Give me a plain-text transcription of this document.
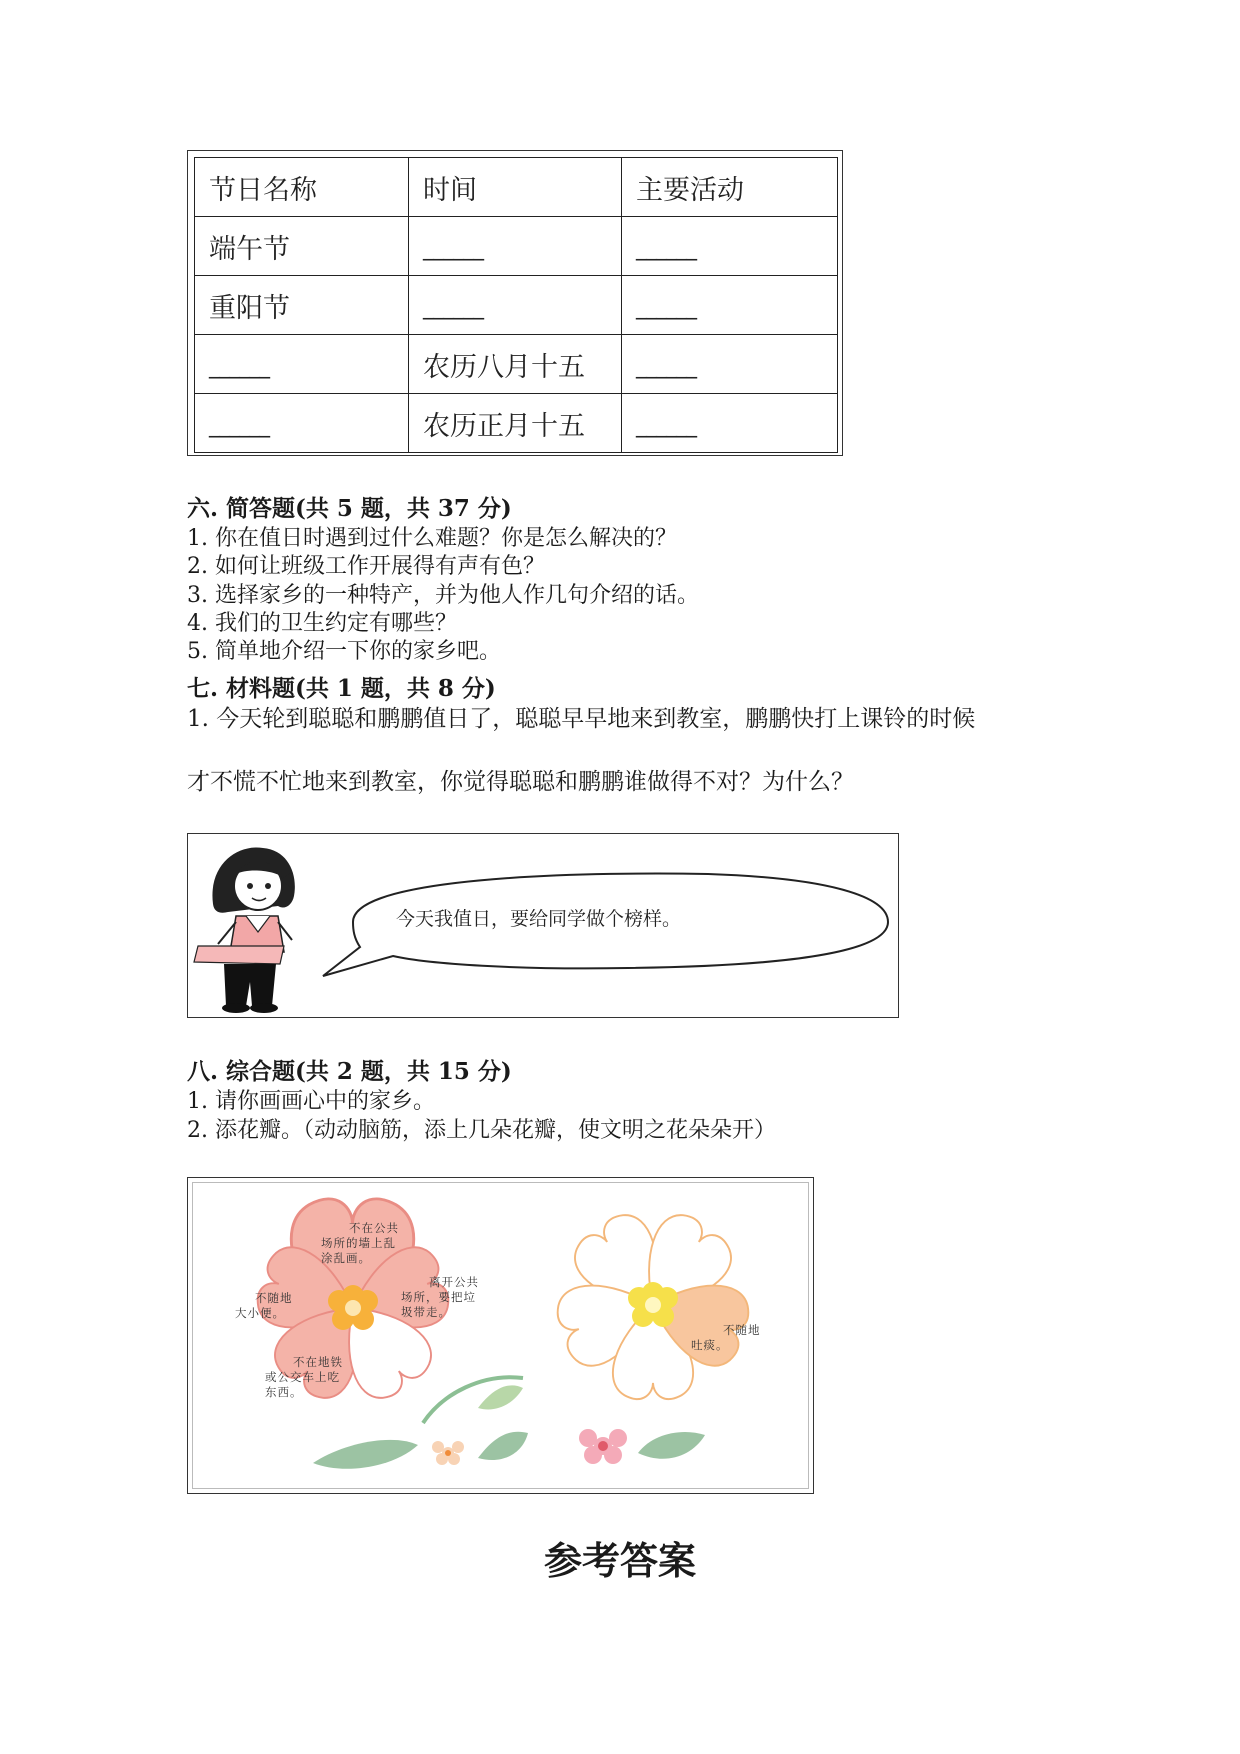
节日名称	时间	主要活动
端午节	______	______
重阳节	______	______
______	农历八月十五	______
______	农历正月十五	______
六. 简答题(共 5 题，共 37 分)
1. 你在值日时遇到过什么难题？你是怎么解决的？
2. 如何让班级工作开展得有声有色？
3. 选择家乡的一种特产，并为他人作几句介绍的话。
4. 我们的卫生约定有哪些？
5. 简单地介绍一下你的家乡吧。
七. 材料题(共 1 题，共 8 分)
1. 今天轮到聪聪和鹏鹏值日了，聪聪早早地来到教室，鹏鹏快打上课铃的时候
才不慌不忙地来到教室，你觉得聪聪和鹏鹏谁做得不对？为什么？
今天我值日，要给同学做个榜样。
八. 综合题(共 2 题，共 15 分)
1. 请你画画心中的家乡。
2. 添花瓣。（动动脑筋，添上几朵花瓣，使文明之花朵朵开）
不在公共
场所的墙上乱
涂乱画。
离开公共
场所，要把垃
圾带走。
不随地
大小便。
不在地铁
或公交车上吃
东西。
不随地
吐痰。
参考答案
